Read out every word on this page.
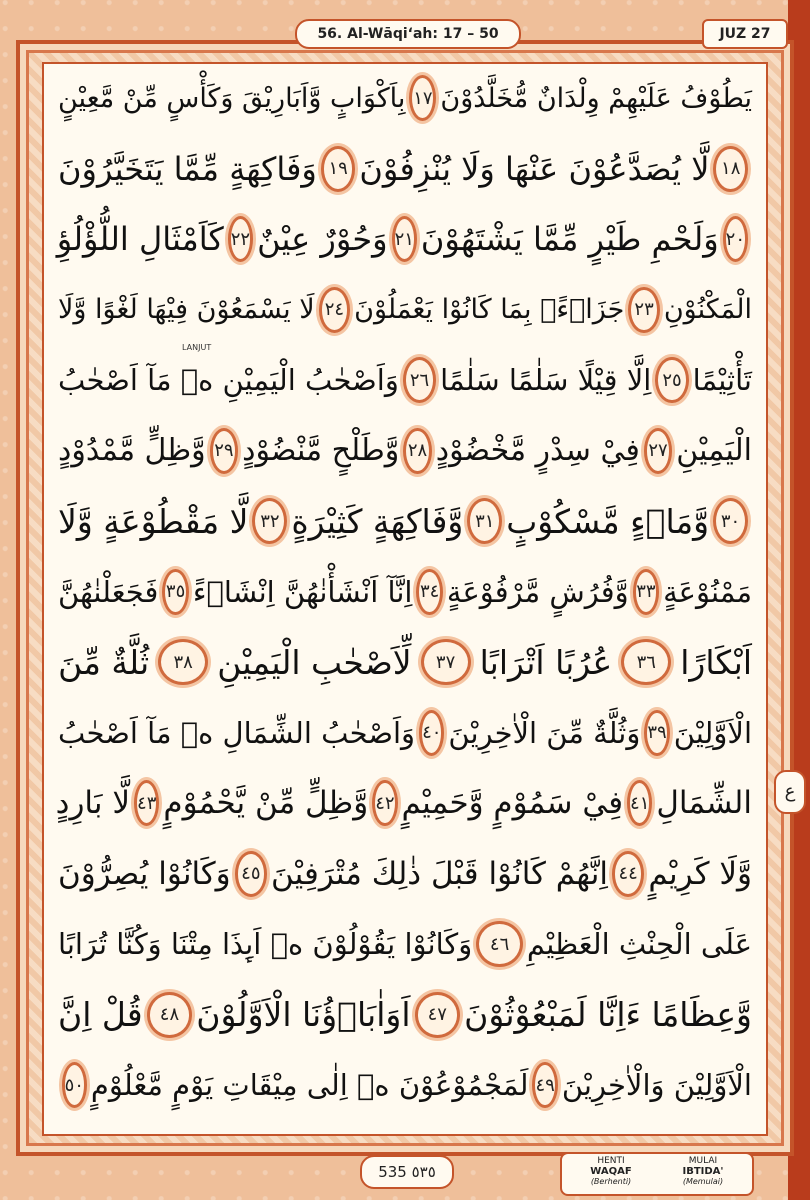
56. Al-Wāqi‘ah: 17 – 50	JUZ 27
يَطُوْفُ عَلَيْهِمْ وِلْدَانٌ مُّخَلَّدُوْنَ
١٧
بِاَكْوَابٍ وَّاَبَارِيْقَ وَكَأْسٍ مِّنْ مَّعِيْنٍ
١٨
لَّا يُصَدَّعُوْنَ عَنْهَا وَلَا يُنْزِفُوْنَ
١٩
وَفَاكِهَةٍ مِّمَّا يَتَخَيَّرُوْنَ
٢٠
وَلَحْمِ طَيْرٍ مِّمَّا يَشْتَهُوْنَ
٢١
وَحُوْرٌ عِيْنٌ
٢٢
كَاَمْثَالِ اللُّؤْلُؤِ
الْمَكْنُوْنِ
٢٣
جَزَاۤءًۢ بِمَا كَانُوْا يَعْمَلُوْنَ
٢٤
لَا يَسْمَعُوْنَ فِيْهَا لَغْوًا وَّلَا
تَأْثِيْمًا
٢٥
اِلَّا قِيْلًا سَلٰمًا سَلٰمًا
٢٦
وَاَصْحٰبُ الْيَمِيْنِ ەۙ مَآ اَصْحٰبُ
الْيَمِيْنِ
٢٧
فِيْ سِدْرٍ مَّخْضُوْدٍ
٢٨
وَّطَلْحٍ مَّنْضُوْدٍ
٢٩
وَّظِلٍّ مَّمْدُوْدٍ
٣٠
وَّمَاۤءٍ مَّسْكُوْبٍ
٣١
وَّفَاكِهَةٍ كَثِيْرَةٍ
٣٢
لَّا مَقْطُوْعَةٍ وَّلَا
مَمْنُوْعَةٍ
٣٣
وَّفُرُشٍ مَّرْفُوْعَةٍ
٣٤
اِنَّآ اَنْشَأْنٰهُنَّ اِنْشَاۤءً
٣٥
فَجَعَلْنٰهُنَّ
اَبْكَارًا
٣٦
عُرُبًا اَتْرَابًا
٣٧
لِّاَصْحٰبِ الْيَمِيْنِ
٣٨
ثُلَّةٌ مِّنَ
الْاَوَّلِيْنَ
٣٩
وَثُلَّةٌ مِّنَ الْاٰخِرِيْنَ
٤٠
وَاَصْحٰبُ الشِّمَالِ ەۙ مَآ اَصْحٰبُ
الشِّمَالِ
٤١
فِيْ سَمُوْمٍ وَّحَمِيْمٍ
٤٢
وَّظِلٍّ مِّنْ يَّحْمُوْمٍ
٤٣
لَّا بَارِدٍ
وَّلَا كَرِيْمٍ
٤٤
اِنَّهُمْ كَانُوْا قَبْلَ ذٰلِكَ مُتْرَفِيْنَ
٤٥
وَكَانُوْا يُصِرُّوْنَ
عَلَى الْحِنْثِ الْعَظِيْمِ
٤٦
وَكَانُوْا يَقُوْلُوْنَ ەۙ اَىِٕذَا مِتْنَا وَكُنَّا تُرَابًا
وَّعِظَامًا ءَاِنَّا لَمَبْعُوْثُوْنَ
٤٧
اَوَاٰبَاۤؤُنَا الْاَوَّلُوْنَ
٤٨
قُلْ اِنَّ
الْاَوَّلِيْنَ وَالْاٰخِرِيْنَ
٤٩
لَمَجْمُوْعُوْنَ ەۙ اِلٰى مِيْقَاتِ يَوْمٍ مَّعْلُوْمٍ
٥٠
ع
535 ٥٣٥
HENTI
WAQAF
(Berhenti)
MULAI
IBTIDA'
(Memulai)
LANJUT
